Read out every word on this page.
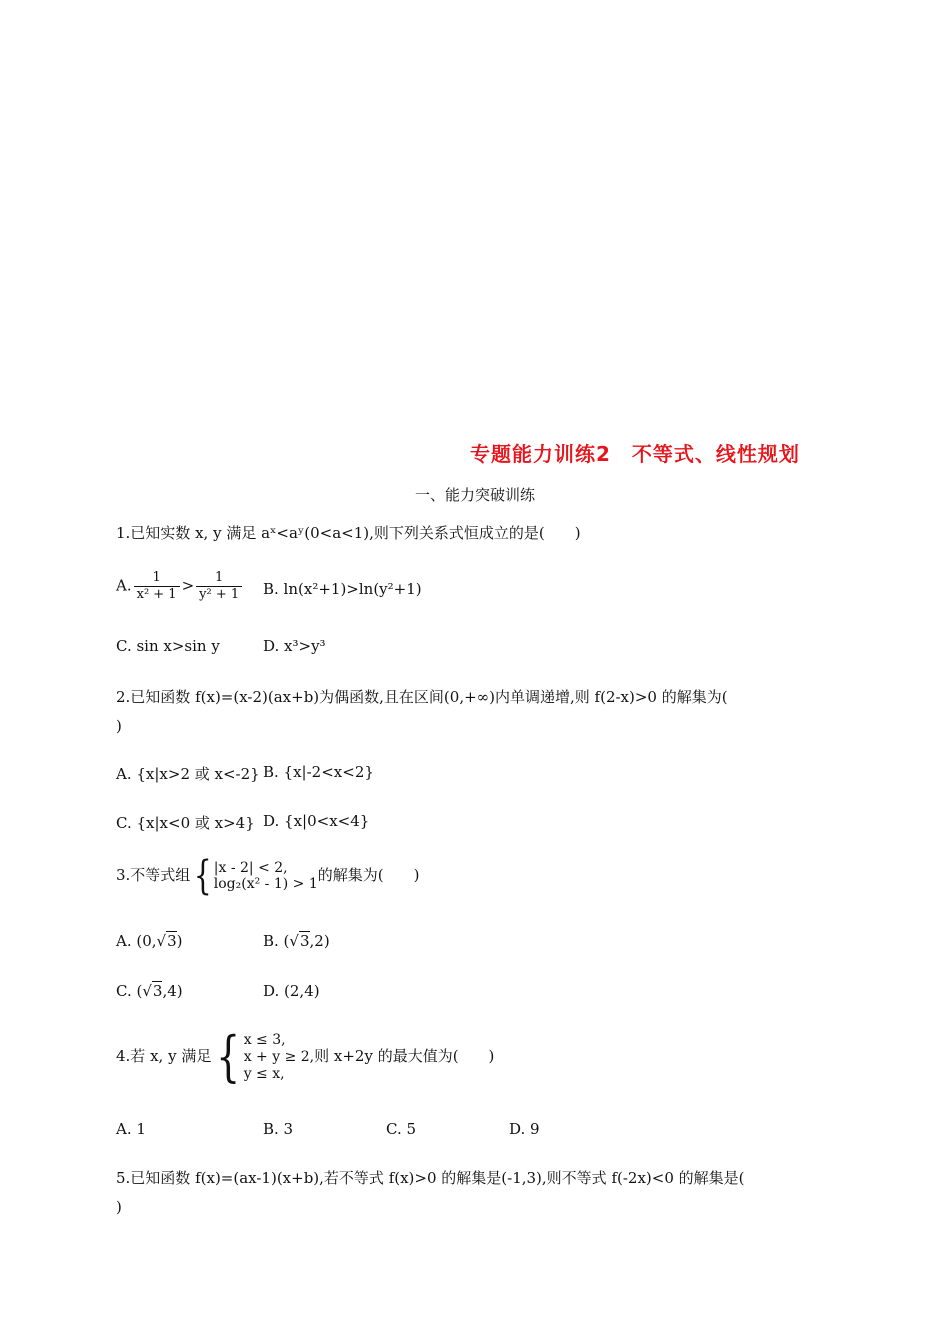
专题能力训练2　不等式、线性规划
一、能力突破训练
1.已知实数 x, y 满足 aˣ<aʸ(0<a<1),则下列关系式恒成立的是(　　)
A. $\frac{1}{\text{x² + 1}} > \frac{1}{\text{y² + 1}} B$. ln(x²+1)>ln(y²+1)
C. sin x>sin y	D. x³>y³
2.已知函数 f(x)=(x-2)(ax+b)为偶函数,且在区间(0,+∞)内单调递增,则 f(2-x)>0 的解集为(
)
A. {x|x>2 或 x<-2} B. {x|-2<x<2}
C. {x|x<0 或 x>4} D. {x|0<x<4}
3.不等式组{ |x - 2| < 2,
log₂(x² - 1) > 1 的解集为(　　)
A. (0,√3)	B. (√3,2)
C. (√3,4)	D. (2,4)
4.若 x, y 满足{ x ≤ 3,
x + y ≥ 2,
y ≤ x,
则 x+2y 的最大值为(　　)
A. 1	B. 3	C. 5	D. 9
5.已知函数 f(x)=(ax-1)(x+b),若不等式 f(x)>0 的解集是(-1,3),则不等式 f(-2x)<0 的解集是(
)
